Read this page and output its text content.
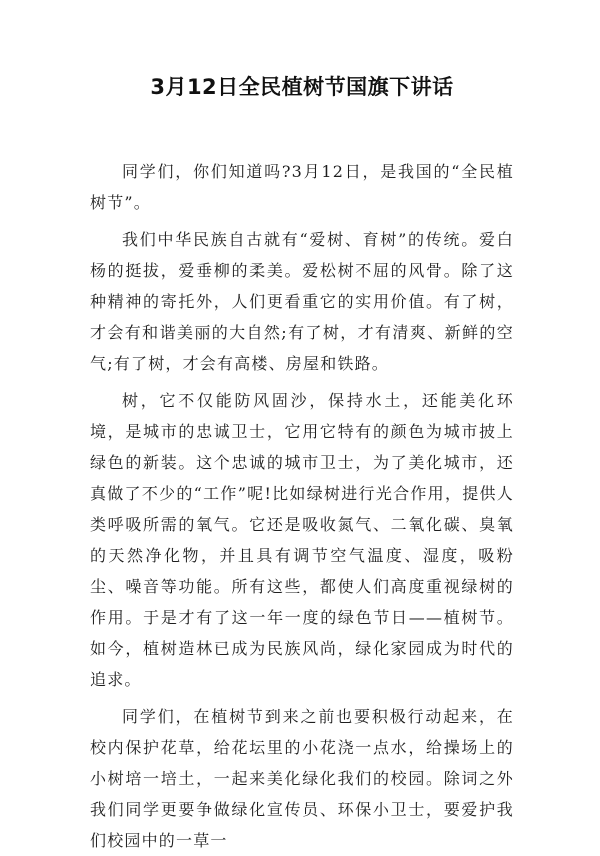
3月12日全民植树节国旗下讲话

同学们，你们知道吗?3月12日，是我国的“全民植树节”。

我们中华民族自古就有“爱树、育树”的传统。爱白杨的挺拔，爱垂柳的柔美。爱松树不屈的风骨。除了这种精神的寄托外，人们更看重它的实用价值。有了树，才会有和谐美丽的大自然;有了树，才有清爽、新鲜的空气;有了树，才会有高楼、房屋和铁路。

树，它不仅能防风固沙，保持水土，还能美化环境，是城市的忠诚卫士，它用它特有的颜色为城市披上绿色的新装。这个忠诚的城市卫士，为了美化城市，还真做了不少的“工作”呢!比如绿树进行光合作用，提供人类呼吸所需的氧气。它还是吸收氮气、二氧化碳、臭氧的天然净化物，并且具有调节空气温度、湿度，吸粉尘、噪音等功能。所有这些，都使人们高度重视绿树的作用。于是才有了这一年一度的绿色节日——植树节。如今，植树造林已成为民族风尚，绿化家园成为时代的追求。

同学们，在植树节到来之前也要积极行动起来，在校内保护花草，给花坛里的小花浇一点水，给操场上的小树培一培土，一起来美化绿化我们的校园。除词之外我们同学更要争做绿化宣传员、环保小卫士，要爱护我们校园中的一草一
